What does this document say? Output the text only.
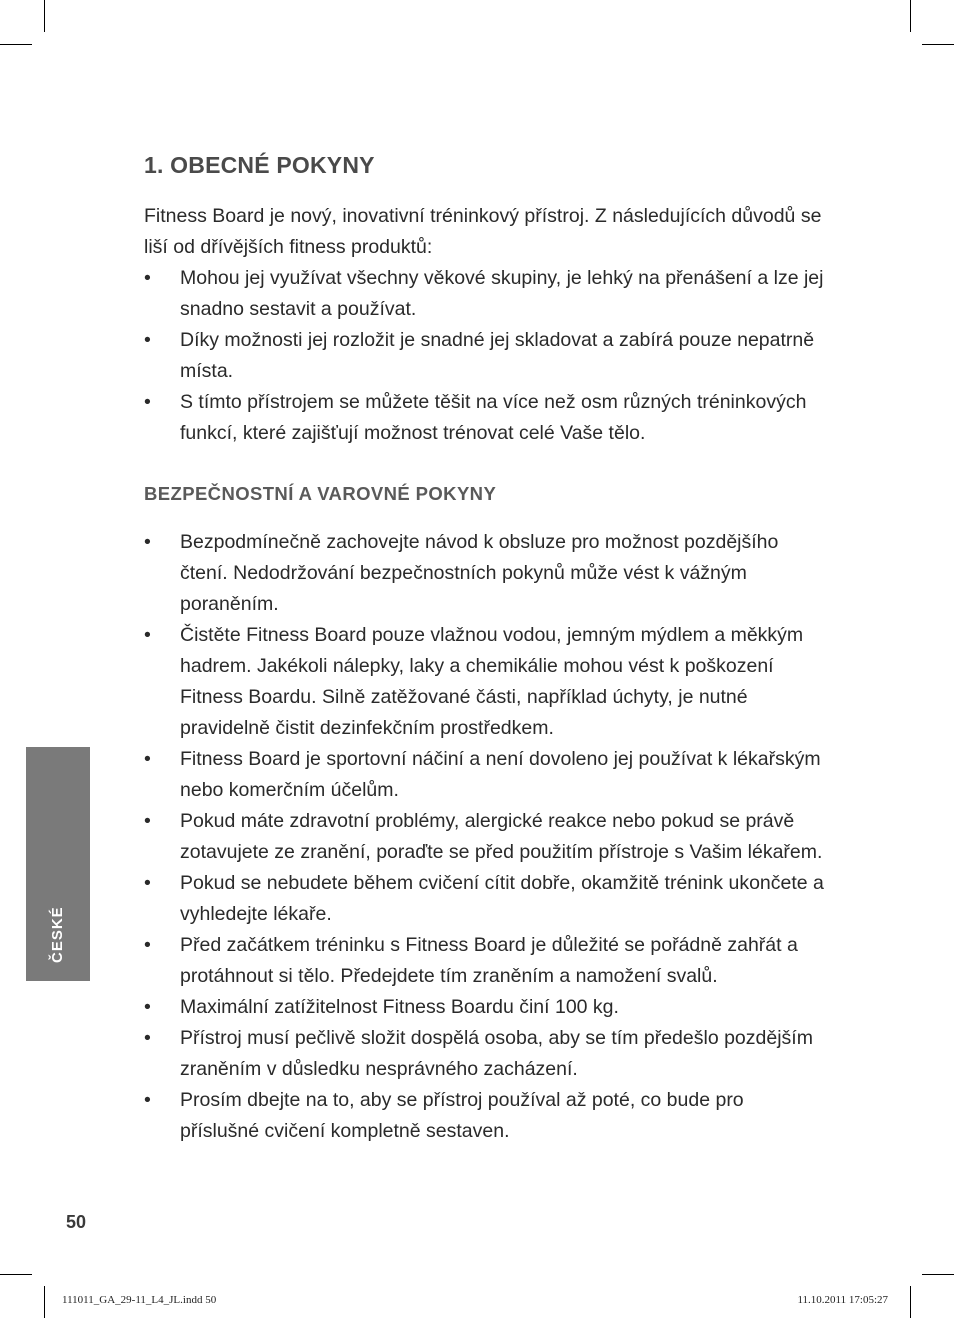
1. OBECNÉ POKYNY

Fitness Board je nový, inovativní tréninkový přístroj. Z následujících důvodů se liší od dřívějších fitness produktů:

• Mohou jej využívat všechny věkové skupiny, je lehký na přenášení a lze jej snadno sestavit a používat.
• Díky možnosti jej rozložit je snadné jej skladovat a zabírá pouze nepatrně místa.
• S tímto přístrojem se můžete těšit na více než osm různých tréninkových funkcí, které zajišťují možnost trénovat celé Vaše tělo.
BEZPEČNOSTNÍ A VAROVNÉ POKYNY
• Bezpodmínečně zachovejte návod k obsluze pro možnost pozdějšího čtení. Nedodržování bezpečnostních pokynů může vést k vážným poraněním.
• Čistěte Fitness Board pouze vlažnou vodou, jemným mýdlem a měkkým hadrem. Jakékoli nálepky, laky a chemikálie mohou vést k poškození Fitness Boardu. Silně zatěžované části, například úchyty, je nutné pravidelně čistit dezinfekčním prostředkem.
• Fitness Board je sportovní náčiní a není dovoleno jej používat k lékařským nebo komerčním účelům.
• Pokud máte zdravotní problémy, alergické reakce nebo pokud se právě zotavujete ze zranění, poraďte se před použitím přístroje s Vašim lékařem.
• Pokud se nebudete během cvičení cítit dobře, okamžitě trénink ukončete a vyhledejte lékaře.
• Před začátkem tréninku s Fitness Board je důležité se pořádně zahřát a protáhnout si tělo. Předejdete tím zraněním a namožení svalů.
• Maximální zatížitelnost Fitness Boardu činí 100 kg.
• Přístroj musí pečlivě složit dospělá osoba, aby se tím předešlo pozdějším zraněním v důsledku nesprávného zacházení.
• Prosím dbejte na to, aby se přístroj používal až poté, co bude pro příslušné cvičení kompletně sestaven.
ČESKÉ
50
111011_GA_29-11_L4_JL.indd 50	11.10.2011 17:05:27
